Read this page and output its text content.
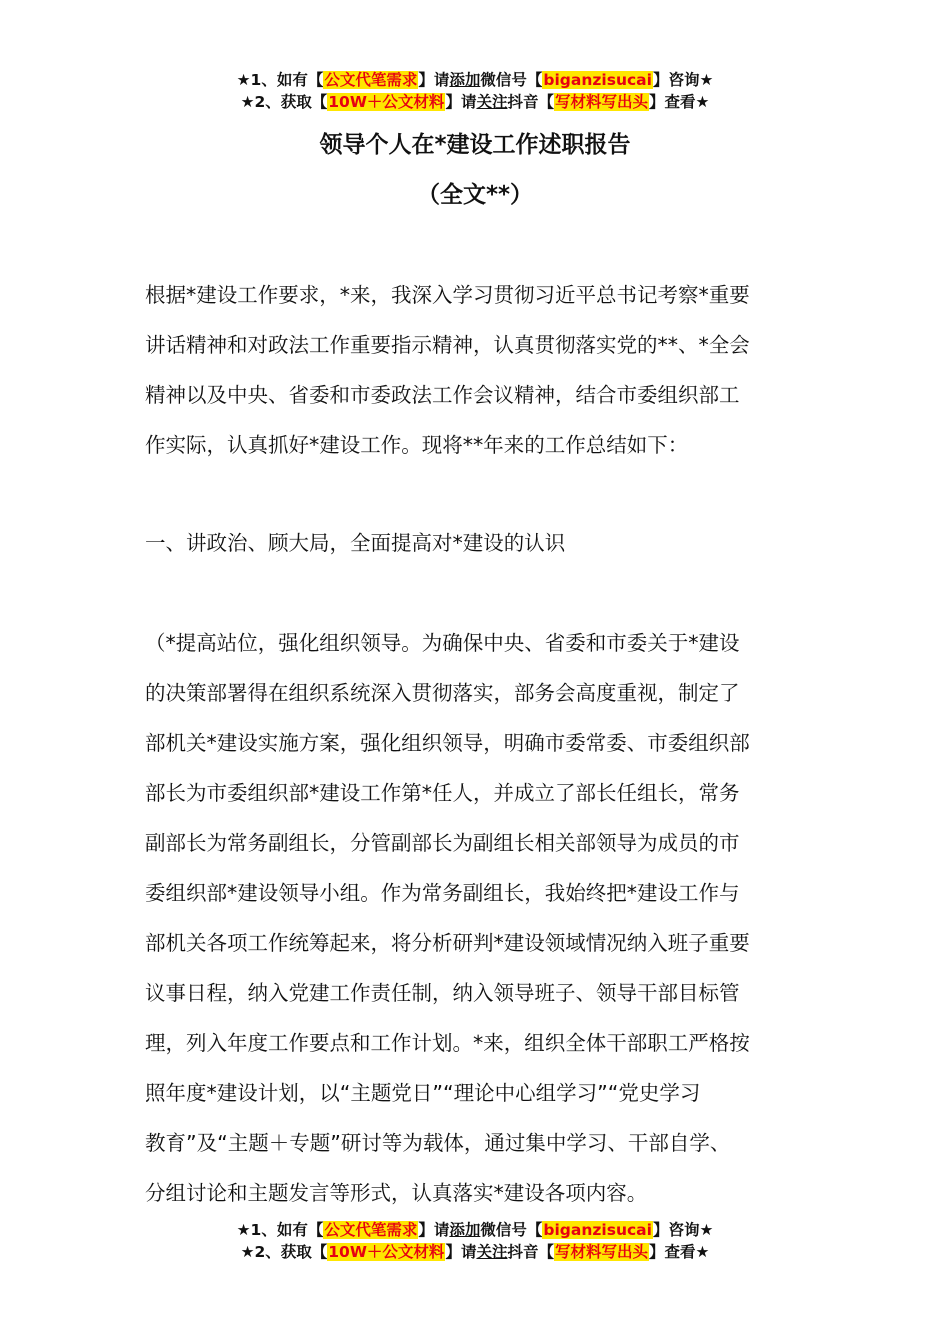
★1、如有【公文代笔需求】请添加微信号【biganzisucai】咨询★
★2、获取【10W＋公文材料】请关注抖音【写材料写出头】查看★
领导个人在*建设工作述职报告
（全文**）

根据*建设工作要求，*来，我深入学习贯彻习近平总书记考察*重要
讲话精神和对政法工作重要指示精神，认真贯彻落实党的**、*全会
精神以及中央、省委和市委政法工作会议精神，结合市委组织部工
作实际，认真抓好*建设工作。现将**年来的工作总结如下：

一、讲政治、顾大局，全面提高对*建设的认识

（*提高站位，强化组织领导。为确保中央、省委和市委关于*建设
的决策部署得在组织系统深入贯彻落实，部务会高度重视，制定了
部机关*建设实施方案，强化组织领导，明确市委常委、市委组织部
部长为市委组织部*建设工作第*任人，并成立了部长任组长，常务
副部长为常务副组长，分管副部长为副组长相关部领导为成员的市
委组织部*建设领导小组。作为常务副组长，我始终把*建设工作与
部机关各项工作统筹起来，将分析研判*建设领域情况纳入班子重要
议事日程，纳入党建工作责任制，纳入领导班子、领导干部目标管
理，列入年度工作要点和工作计划。*来，组织全体干部职工严格按
照年度*建设计划，以“主题党日”“理论中心组学习”“党史学习
教育”及“主题＋专题”研讨等为载体，通过集中学习、干部自学、
分组讨论和主题发言等形式，认真落实*建设各项内容。

★1、如有【公文代笔需求】请添加微信号【biganzisucai】咨询★
★2、获取【10W＋公文材料】请关注抖音【写材料写出头】查看★
